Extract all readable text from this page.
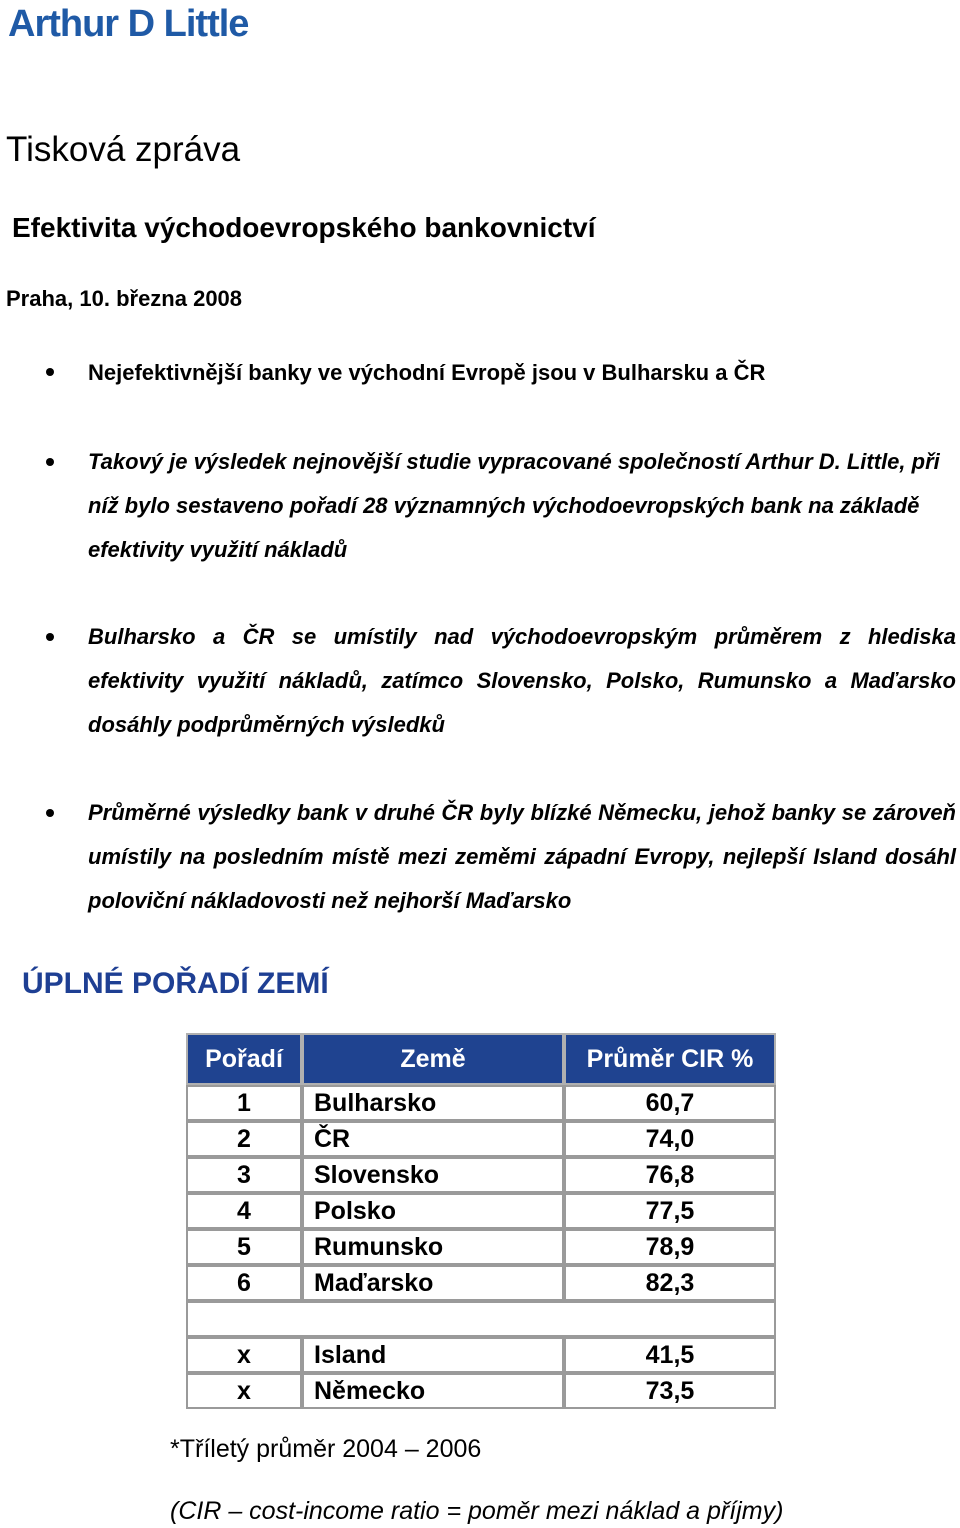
Arthur D Little
Tisková zpráva
Efektivita východoevropského bankovnictví
Praha, 10. března 2008
Nejefektivnější banky ve východní Evropě jsou v Bulharsku a ČR
Takový je výsledek nejnovější studie vypracované společností Arthur D. Little, při níž bylo sestaveno pořadí 28 významných východoevropských bank na základě efektivity využití nákladů
Bulharsko a ČR se umístily nad východoevropským průměrem z hlediska efektivity využití nákladů, zatímco Slovensko, Polsko, Rumunsko a Maďarsko dosáhly podprůměrných výsledků
Průměrné výsledky bank v druhé ČR byly blízké Německu, jehož banky se zároveň umístily na posledním místě mezi zeměmi západní Evropy, nejlepší Island dosáhl poloviční nákladovosti než nejhorší Maďarsko
ÚPLNÉ POŘADÍ ZEMÍ
Pořadí	Země	Průměr CIR %
1	Bulharsko	60,7
2	ČR	74,0
3	Slovensko	76,8
4	Polsko	77,5
5	Rumunsko	78,9
6	Maďarsko	82,3

x	Island	41,5
x	Německo	73,5
*Tříletý průměr 2004 – 2006
(CIR – cost-income ratio = poměr mezi náklad a příjmy)
